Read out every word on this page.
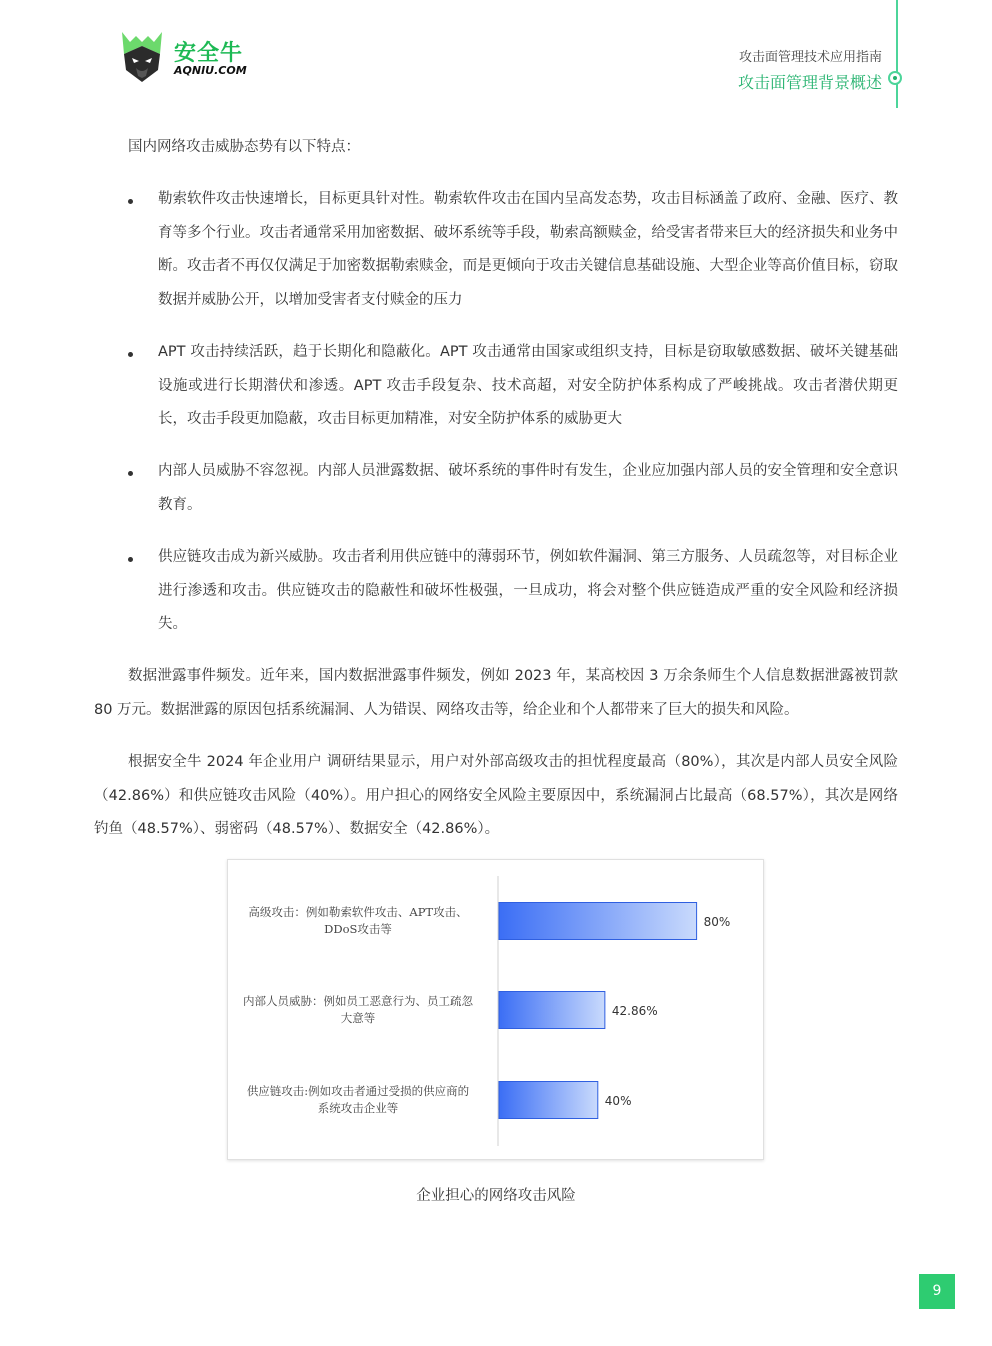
安全牛
AQNIU.COM
攻击面管理技术应用指南
攻击面管理背景概述
国内网络攻击威胁态势有以下特点：
勒索软件攻击快速增长，目标更具针对性。勒索软件攻击在国内呈高发态势，攻击目标涵盖了政府、金融、医疗、教育等多个行业。攻击者通常采用加密数据、破坏系统等手段，勒索高额赎金，给受害者带来巨大的经济损失和业务中断。攻击者不再仅仅满足于加密数据勒索赎金，而是更倾向于攻击关键信息基础设施、大型企业等高价值目标，窃取数据并威胁公开，以增加受害者支付赎金的压力
APT 攻击持续活跃，趋于长期化和隐蔽化。APT 攻击通常由国家或组织支持，目标是窃取敏感数据、破坏关键基础设施或进行长期潜伏和渗透。APT 攻击手段复杂、技术高超，对安全防护体系构成了严峻挑战。攻击者潜伏期更长，攻击手段更加隐蔽，攻击目标更加精准，对安全防护体系的威胁更大
内部人员威胁不容忽视。内部人员泄露数据、破坏系统的事件时有发生，企业应加强内部人员的安全管理和安全意识教育。
供应链攻击成为新兴威胁。攻击者利用供应链中的薄弱环节，例如软件漏洞、第三方服务、人员疏忽等，对目标企业进行渗透和攻击。供应链攻击的隐蔽性和破坏性极强，一旦成功，将会对整个供应链造成严重的安全风险和经济损失。
数据泄露事件频发。近年来，国内数据泄露事件频发，例如 2023 年，某高校因 3 万余条师生个人信息数据泄露被罚款 80 万元。数据泄露的原因包括系统漏洞、人为错误、网络攻击等，给企业和个人都带来了巨大的损失和风险。
根据安全牛 2024 年企业用户 调研结果显示，用户对外部高级攻击的担忧程度最高（80%），其次是内部人员安全风险（42.86%）和供应链攻击风险（40%）。用户担心的网络安全风险主要原因中，系统漏洞占比最高（68.57%），其次是网络钓鱼（48.57%）、弱密码（48.57%）、数据安全（42.86%）。
80%
高级攻击：例如勒索软件攻击、APT攻击、
DDoS攻击等
42.86%
内部人员威胁：例如员工恶意行为、员工疏忽
大意等
40%
供应链攻击:例如攻击者通过受损的供应商的
系统攻击企业等
企业担心的网络攻击风险
9
